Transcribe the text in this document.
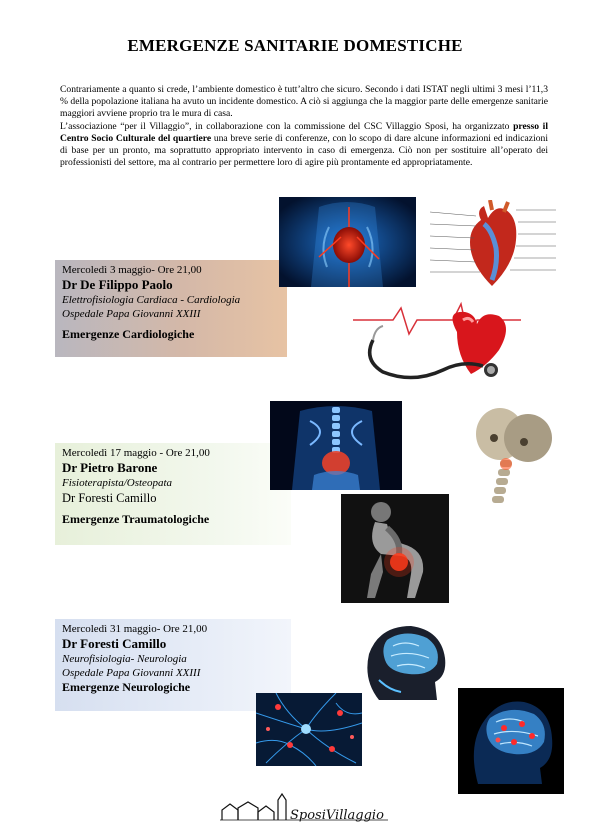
EMERGENZE SANITARIE DOMESTICHE

Contrariamente a quanto si crede, l’ambiente domestico è tutt’altro che sicuro. Secondo i dati ISTAT negli ultimi 3 mesi l’11,3 % della popolazione italiana ha avuto un incidente domestico. A ciò si aggiunga che la maggior parte delle emergenze sanitarie maggiori avviene proprio tra le mura di casa.

L’associazione “per il Villaggio”, in collaborazione con la commissione del CSC Villaggio Sposi, ha organizzato presso il Centro Socio Culturale del quartiere una breve serie di conferenze, con lo scopo di dare alcune informazioni ed indicazioni di base per un pronto, ma soprattutto appropriato intervento in caso di emergenza. Ciò non per sostituire all’operato dei professionisti del settore, ma al contrario per permettere loro di agire più prontamente ed appropriatamente.

Mercoledì 3 maggio- Ore 21,00
Dr De Filippo Paolo
Elettrofisiologia Cardiaca - Cardiologia
Ospedale Papa Giovanni XXIII
Emergenze Cardiologiche
Mercoledì 17 maggio - Ore 21,00
Dr Pietro Barone
Fisioterapista/Osteopata
Dr Foresti Camillo
Emergenze Traumatologiche
Mercoledì 31 maggio- Ore 21,00
Dr Foresti Camillo
Neurofisiologia- Neurologia
Ospedale Papa Giovanni XXIII
Emergenze Neurologiche
SposiVillaggio
